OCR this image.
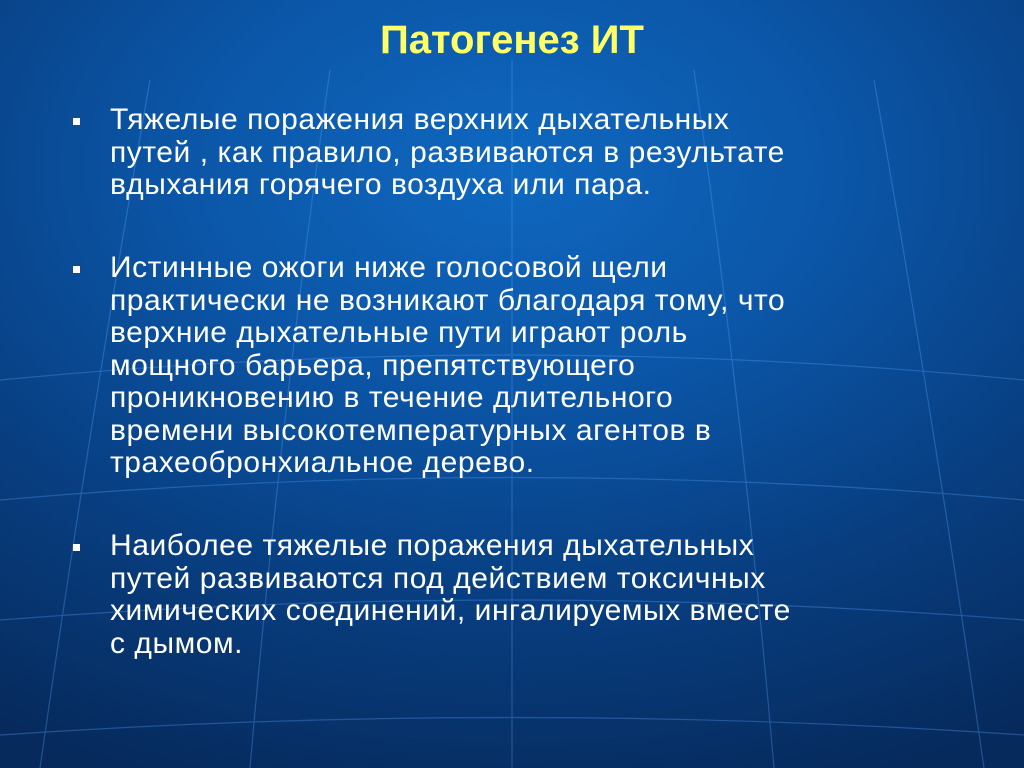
Патогенез ИТ
Тяжелые поражения верхних дыхательных
путей , как правило, развиваются в результате
вдыхания горячего воздуха или пара.
Истинные ожоги ниже голосовой щели
практически не возникают благодаря тому, что
верхние дыхательные пути играют роль
мощного барьера, препятствующего
проникновению в течение длительного
времени высокотемпературных агентов в
трахеобронхиальное дерево.
Наиболее тяжелые поражения дыхательных
путей развиваются под действием токсичных
химических соединений, ингалируемых вместе
с дымом.
